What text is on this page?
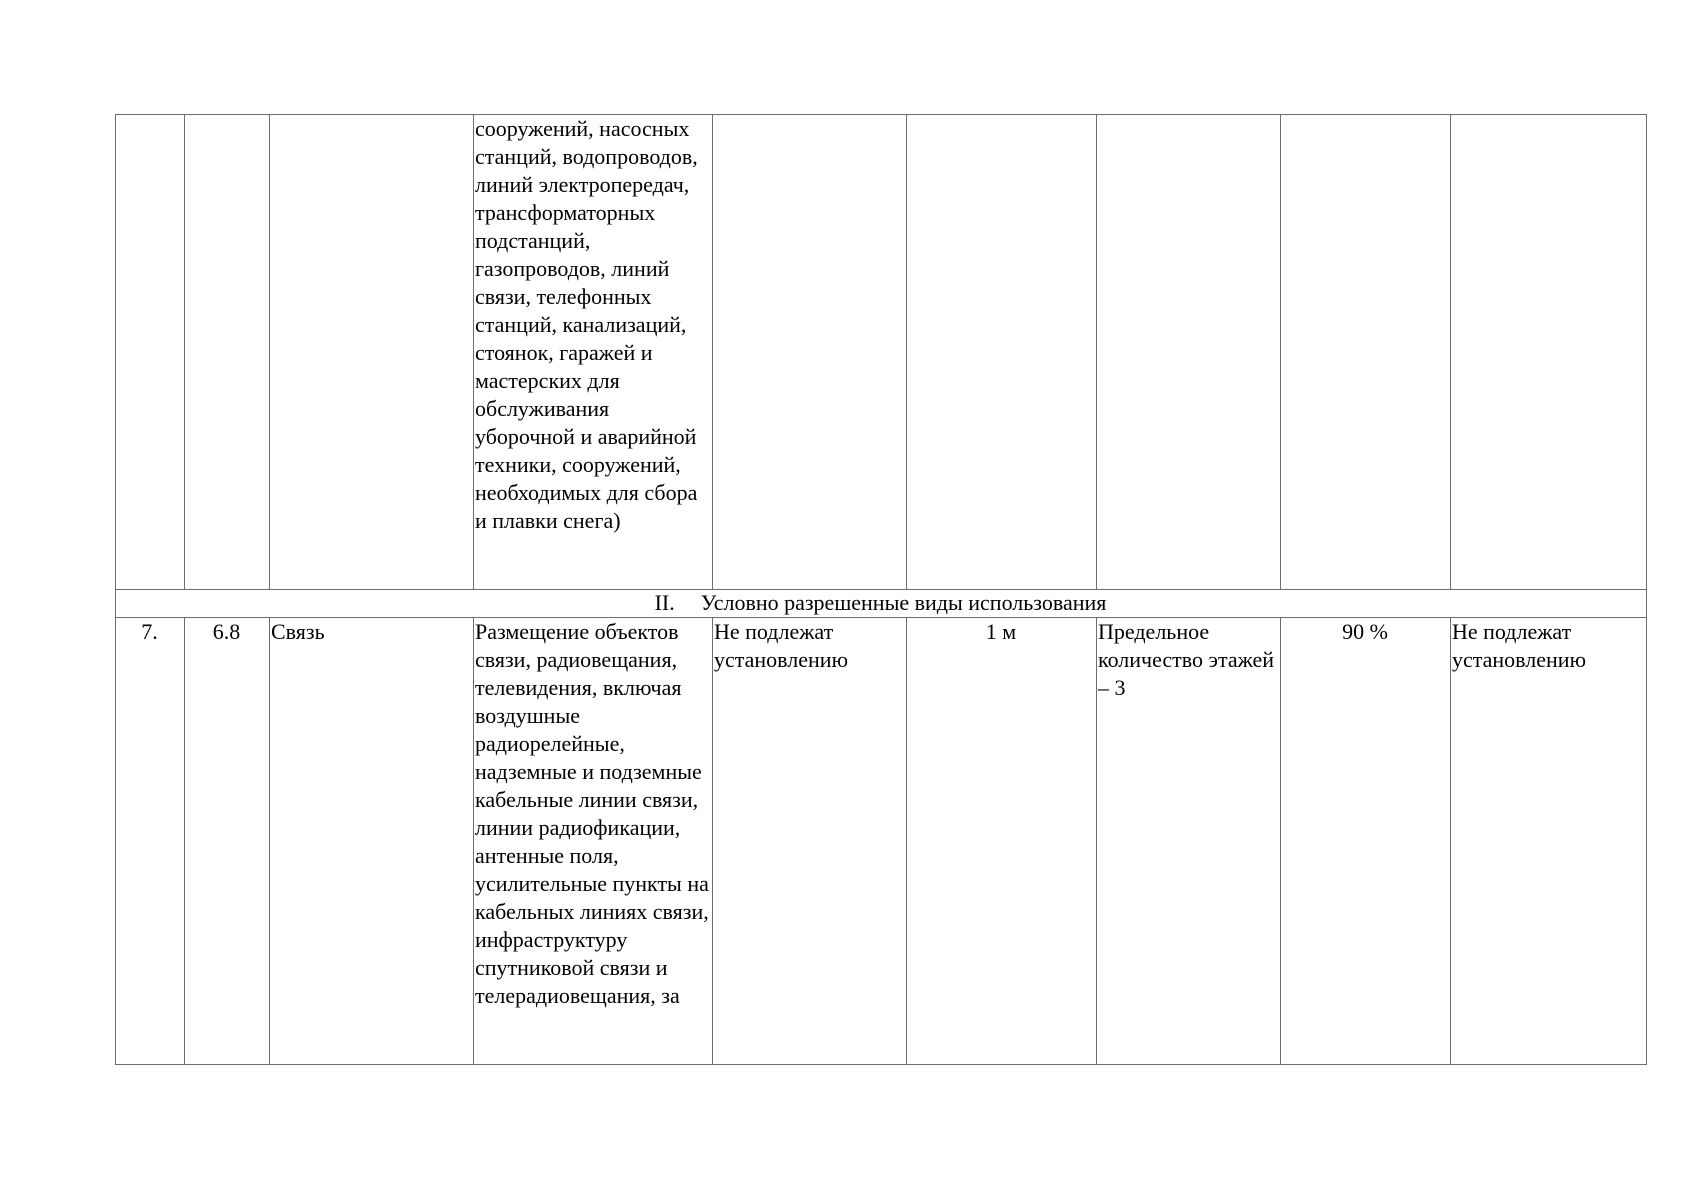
			сооружений, насосных станций, водопроводов, линий электропередач, трансформаторных подстанций, газопроводов, линий связи, телефонных станций, канализаций, стоянок, гаражей и мастерских для обслуживания уборочной и аварийной техники, сооружений, необходимых для сбора и плавки снега)					
II. Условно разрешенные виды использования								
7.	6.8	Связь	Размещение объектов связи, радиовещания, телевидения, включая воздушные радиорелейные, надземные и подземные кабельные линии связи, линии радиофикации, антенные поля, усилительные пункты на кабельных линиях связи, инфраструктуру спутниковой связи и телерадиовещания, за	Не подлежат установлению	1 м	Предельное количество этажей – 3	90 %	Не подлежат установлению
